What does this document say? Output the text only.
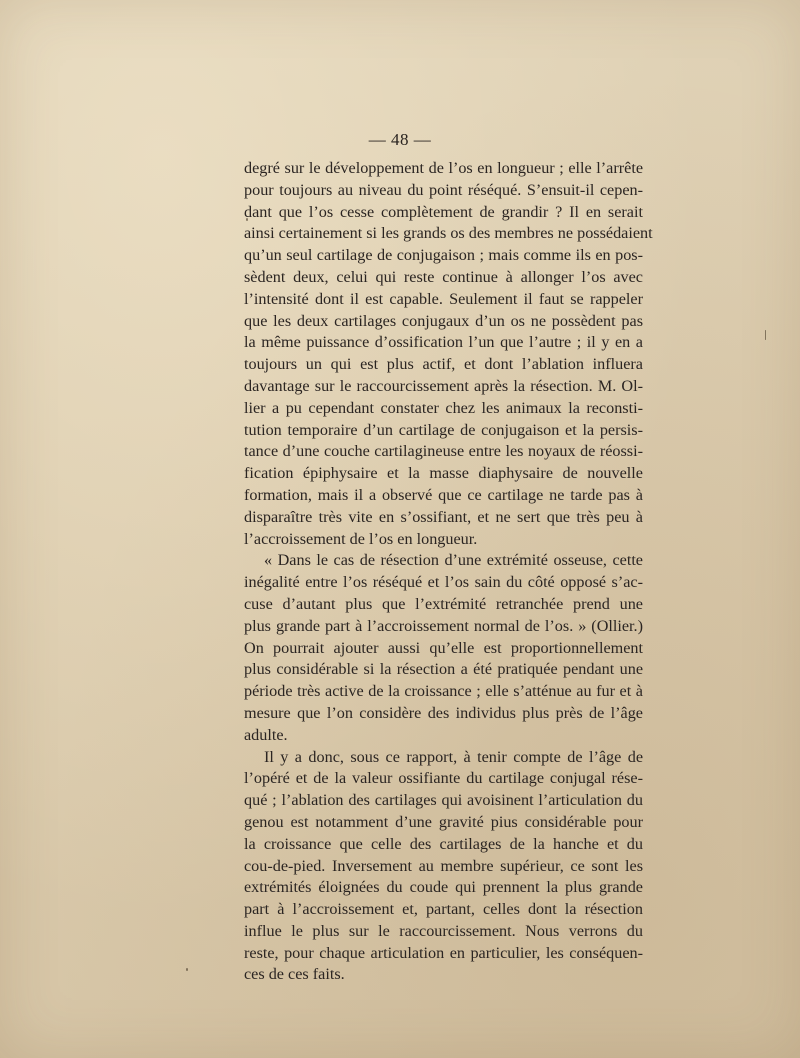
— 48 —
degré sur le développement de l’os en longueur ; elle l’arrête
pour toujours au niveau du point réséqué. S’ensuit-il cepen-
dant que l’os cesse complètement de grandir ? Il en serait
ainsi certainement si les grands os des membres ne possédaient
qu’un seul cartilage de conjugaison ; mais comme ils en pos-
sèdent deux, celui qui reste continue à allonger l’os avec
l’intensité dont il est capable. Seulement il faut se rappeler
que les deux cartilages conjugaux d’un os ne possèdent pas
la même puissance d’ossification l’un que l’autre ; il y en a
toujours un qui est plus actif, et dont l’ablation influera
davantage sur le raccourcissement après la résection. M. Ol-
lier a pu cependant constater chez les animaux la reconsti-
tution temporaire d’un cartilage de conjugaison et la persis-
tance d’une couche cartilagineuse entre les noyaux de réossi-
fication épiphysaire et la masse diaphysaire de nouvelle
formation, mais il a observé que ce cartilage ne tarde pas à
disparaître très vite en s’ossifiant, et ne sert que très peu à
l’accroissement de l’os en longueur.
« Dans le cas de résection d’une extrémité osseuse, cette
inégalité entre l’os réséqué et l’os sain du côté opposé s’ac-
cuse d’autant plus que l’extrémité retranchée prend une
plus grande part à l’accroissement normal de l’os. » (Ollier.)
On pourrait ajouter aussi qu’elle est proportionnellement
plus considérable si la résection a été pratiquée pendant une
période très active de la croissance ; elle s’atténue au fur et à
mesure que l’on considère des individus plus près de l’âge
adulte.
Il y a donc, sous ce rapport, à tenir compte de l’âge de
l’opéré et de la valeur ossifiante du cartilage conjugal rése-
qué ; l’ablation des cartilages qui avoisinent l’articulation du
genou est notamment d’une gravité pius considérable pour
la croissance que celle des cartilages de la hanche et du
cou-de-pied. Inversement au membre supérieur, ce sont les
extrémités éloignées du coude qui prennent la plus grande
part à l’accroissement et, partant, celles dont la résection
influe le plus sur le raccourcissement. Nous verrons du
reste, pour chaque articulation en particulier, les conséquen-
ces de ces faits.
